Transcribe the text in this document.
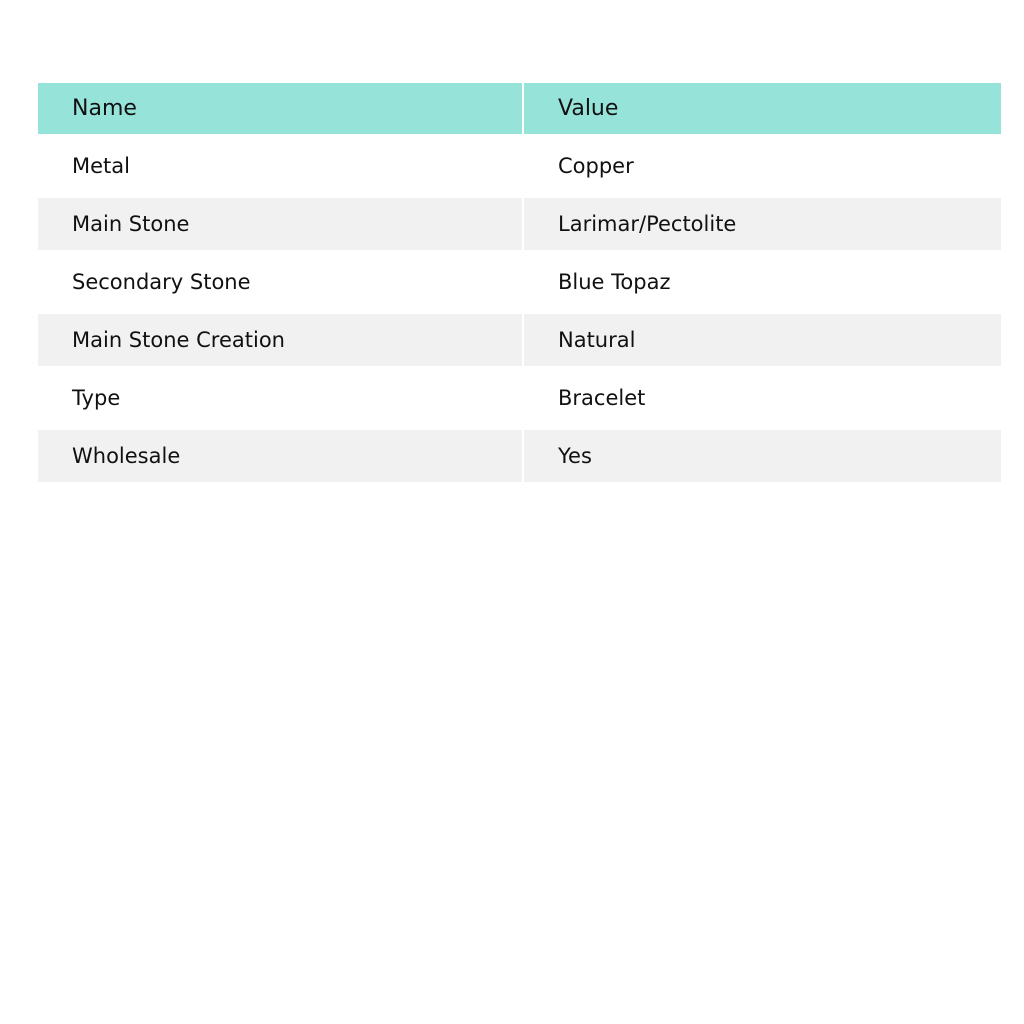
Name	Value
Metal	Copper
Main Stone	Larimar/Pectolite
Secondary Stone	Blue Topaz
Main Stone Creation	Natural
Type	Bracelet
Wholesale	Yes
